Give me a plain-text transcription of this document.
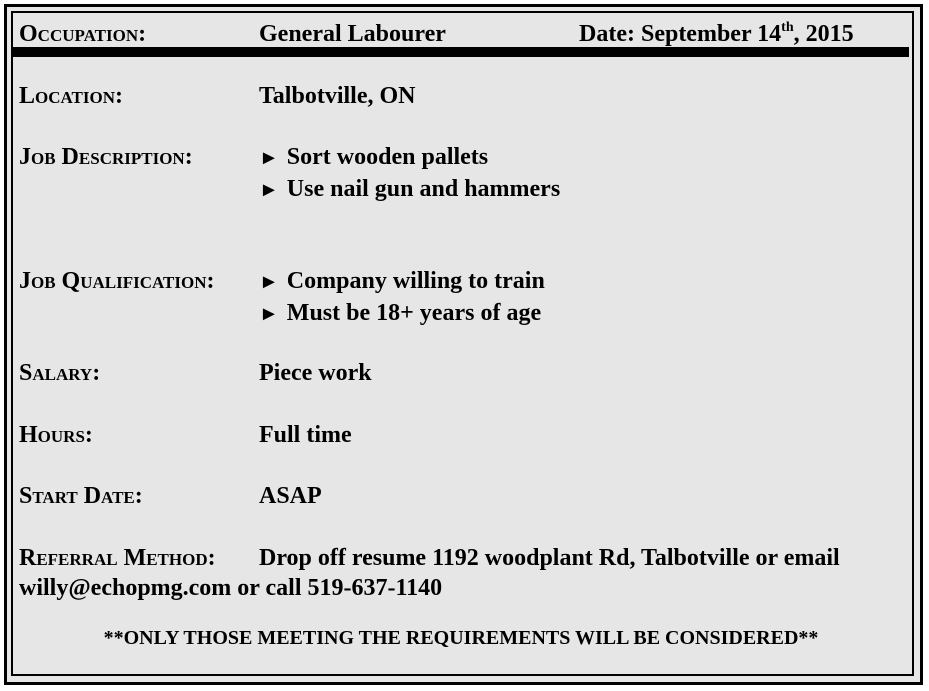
Occupation:	General Labourer	Date: September 14th, 2015
Location:	Talbotville, ON
Job Description:	► Sort wooden pallets
► Use nail gun and hammers
Job Qualification: ► Company willing to train
► Must be 18+ years of age
Salary:	Piece work
Hours:	Full time
Start Date:	ASAP
Referral Method: Drop off resume 1192 woodplant Rd, Talbotville or email
willy@echopmg.com or call 519-637-1140
**ONLY THOSE MEETING THE REQUIREMENTS WILL BE CONSIDERED**
